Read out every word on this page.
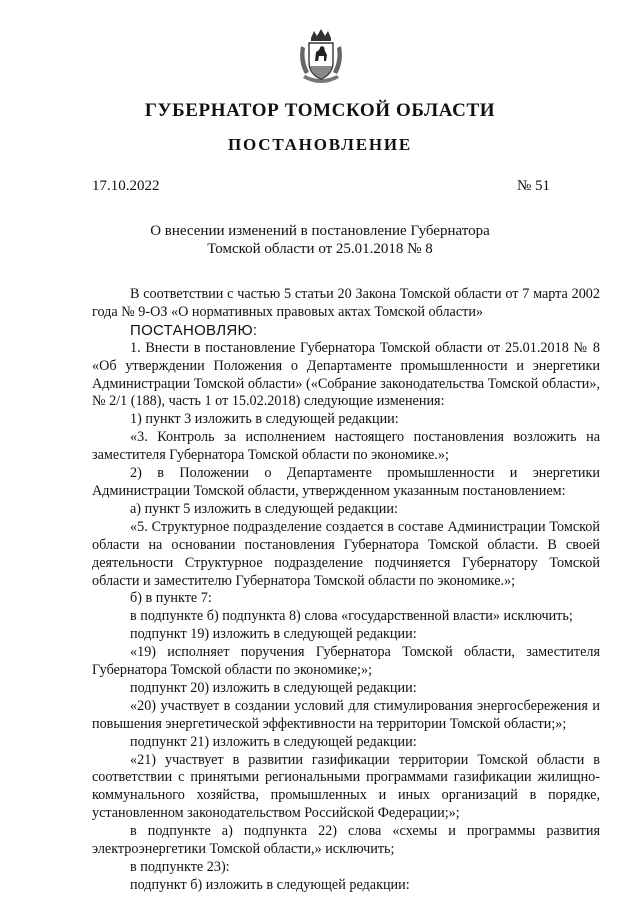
ГУБЕРНАТОР ТОМСКОЙ ОБЛАСТИ
ПОСТАНОВЛЕНИЕ
17.10.2022	№ 51
О внесении изменений в постановление Губернатора
Томской области от 25.01.2018 № 8

В соответствии с частью 5 статьи 20 Закона Томской области от 7 марта 2002 года № 9-ОЗ «О нормативных правовых актах Томской области»

ПОСТАНОВЛЯЮ:

1. Внести в постановление Губернатора Томской области от 25.01.2018 № 8 «Об утверждении Положения о Департаменте промышленности и энергетики Администрации Томской области» («Собрание законодательства Томской области», № 2/1 (188), часть 1 от 15.02.2018) следующие изменения:

1) пункт 3 изложить в следующей редакции:

«3. Контроль за исполнением настоящего постановления возложить на заместителя Губернатора Томской области по экономике.»;

2) в Положении о Департаменте промышленности и энергетики Администрации Томской области, утвержденном указанным постановлением:

а) пункт 5 изложить в следующей редакции:

«5. Структурное подразделение создается в составе Администрации Томской области на основании постановления Губернатора Томской области. В своей деятельности Структурное подразделение подчиняется Губернатору Томской области и заместителю Губернатора Томской области по экономике.»;

б) в пункте 7:

в подпункте б) подпункта 8) слова «государственной власти» исключить;

подпункт 19) изложить в следующей редакции:

«19) исполняет поручения Губернатора Томской области, заместителя Губернатора Томской области по экономике;»;

подпункт 20) изложить в следующей редакции:

«20) участвует в создании условий для стимулирования энергосбережения и повышения энергетической эффективности на территории Томской области;»;

подпункт 21) изложить в следующей редакции:

«21) участвует в развитии газификации территории Томской области в соответствии с принятыми региональными программами газификации жилищно-коммунального хозяйства, промышленных и иных организаций в порядке, установленном законодательством Российской Федерации;»;

в подпункте а) подпункта 22) слова «схемы и программы развития электроэнергетики Томской области,» исключить;

в подпункте 23):

подпункт б) изложить в следующей редакции:
